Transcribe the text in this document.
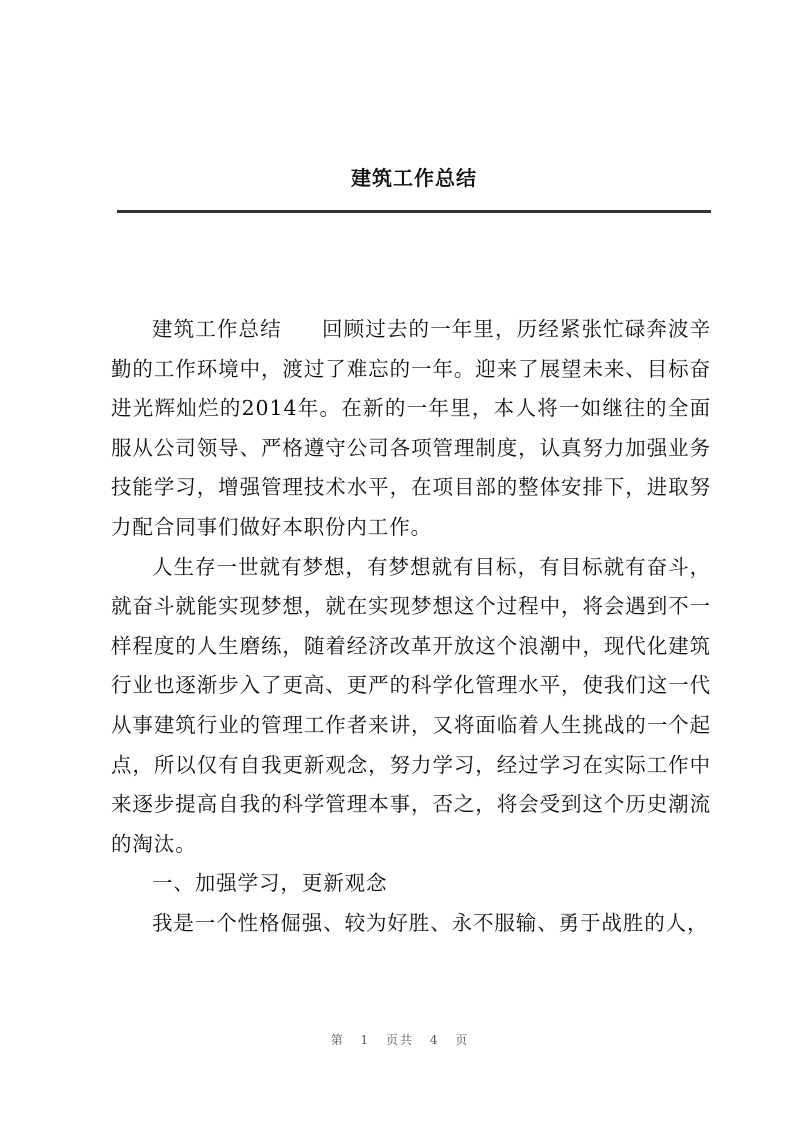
建筑工作总结

建筑工作总结 回顾过去的一年里，历经紧张忙碌奔波辛勤的工作环境中，渡过了难忘的一年。迎来了展望未来、目标奋进光辉灿烂的2014年。在新的一年里，本人将一如继往的全面服从公司领导、严格遵守公司各项管理制度，认真努力加强业务技能学习，增强管理技术水平，在项目部的整体安排下，进取努力配合同事们做好本职份内工作。

人生存一世就有梦想，有梦想就有目标，有目标就有奋斗，就奋斗就能实现梦想，就在实现梦想这个过程中，将会遇到不一样程度的人生磨练，随着经济改革开放这个浪潮中，现代化建筑行业也逐渐步入了更高、更严的科学化管理水平，使我们这一代从事建筑行业的管理工作者来讲，又将面临着人生挑战的一个起点，所以仅有自我更新观念，努力学习，经过学习在实际工作中来逐步提高自我的科学管理本事，否之，将会受到这个历史潮流的淘汰。

一、加强学习，更新观念

我是一个性格倔强、较为好胜、永不服输、勇于战胜的人，

第 1 页共 4 页
